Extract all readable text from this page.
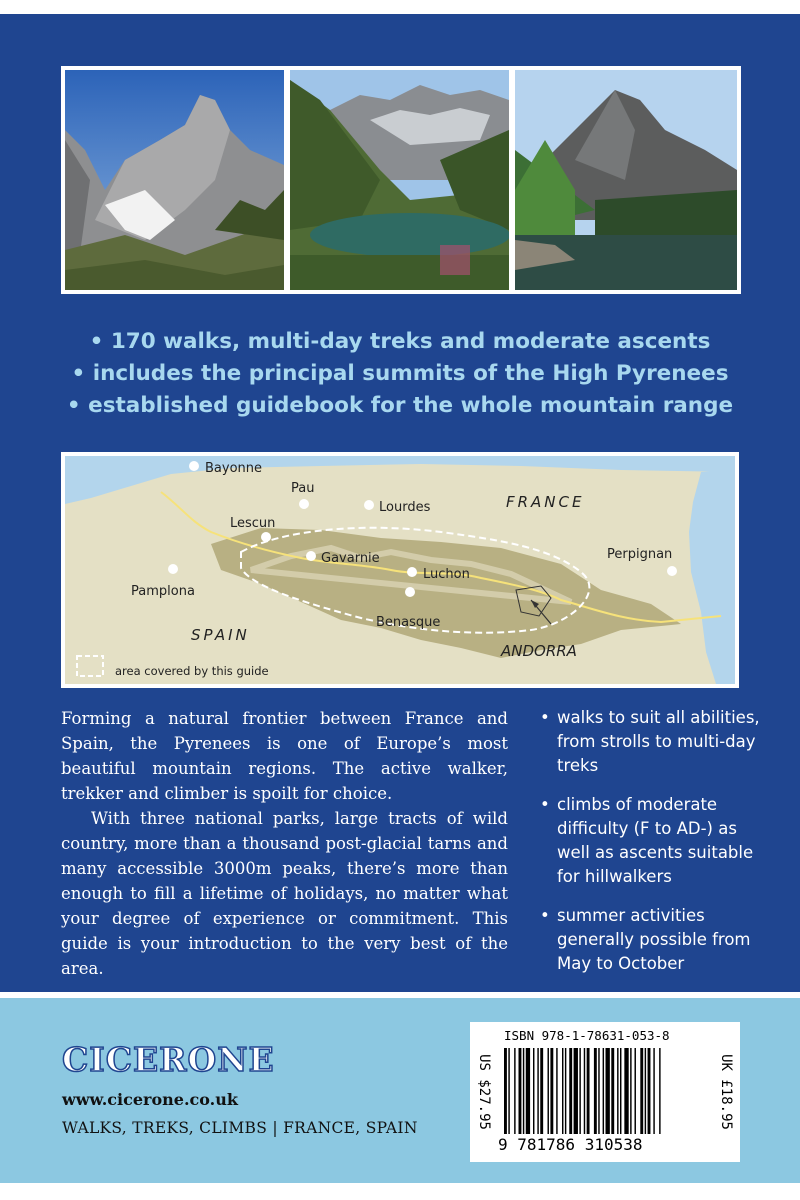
• 170 walks, multi-day treks and moderate ascents
• includes the principal summits of the High Pyrenees
• established guidebook for the whole mountain range
Bayonne
Pau
Lourdes
Lescun
Gavarnie
Luchon
Pamplona
Benasque
Perpignan
FRANCE
SPAIN
ANDORRA
area covered by this guide

Forming a natural frontier between France and Spain, the Pyrenees is one of Europe’s most beautiful mountain regions. The active walker, trekker and climber is spoilt for choice.

With three national parks, large tracts of wild country, more than a thousand post-glacial tarns and many accessible 3000m peaks, there’s more than enough to fill a lifetime of holidays, no matter what your degree of experience or commitment. This guide is your introduction to the very best of the area.

• walks to suit all abilities, from strolls to multi-day treks
• climbs of moderate difficulty (F to AD-) as well as ascents suitable for hillwalkers
• summer activities generally possible from May to October
CICERONE
www.cicerone.co.uk
WALKS, TREKS, CLIMBS | FRANCE, SPAIN	US $27.95
ISBN 978-1-78631-053-8
9 781786 310538
UK £18.95
